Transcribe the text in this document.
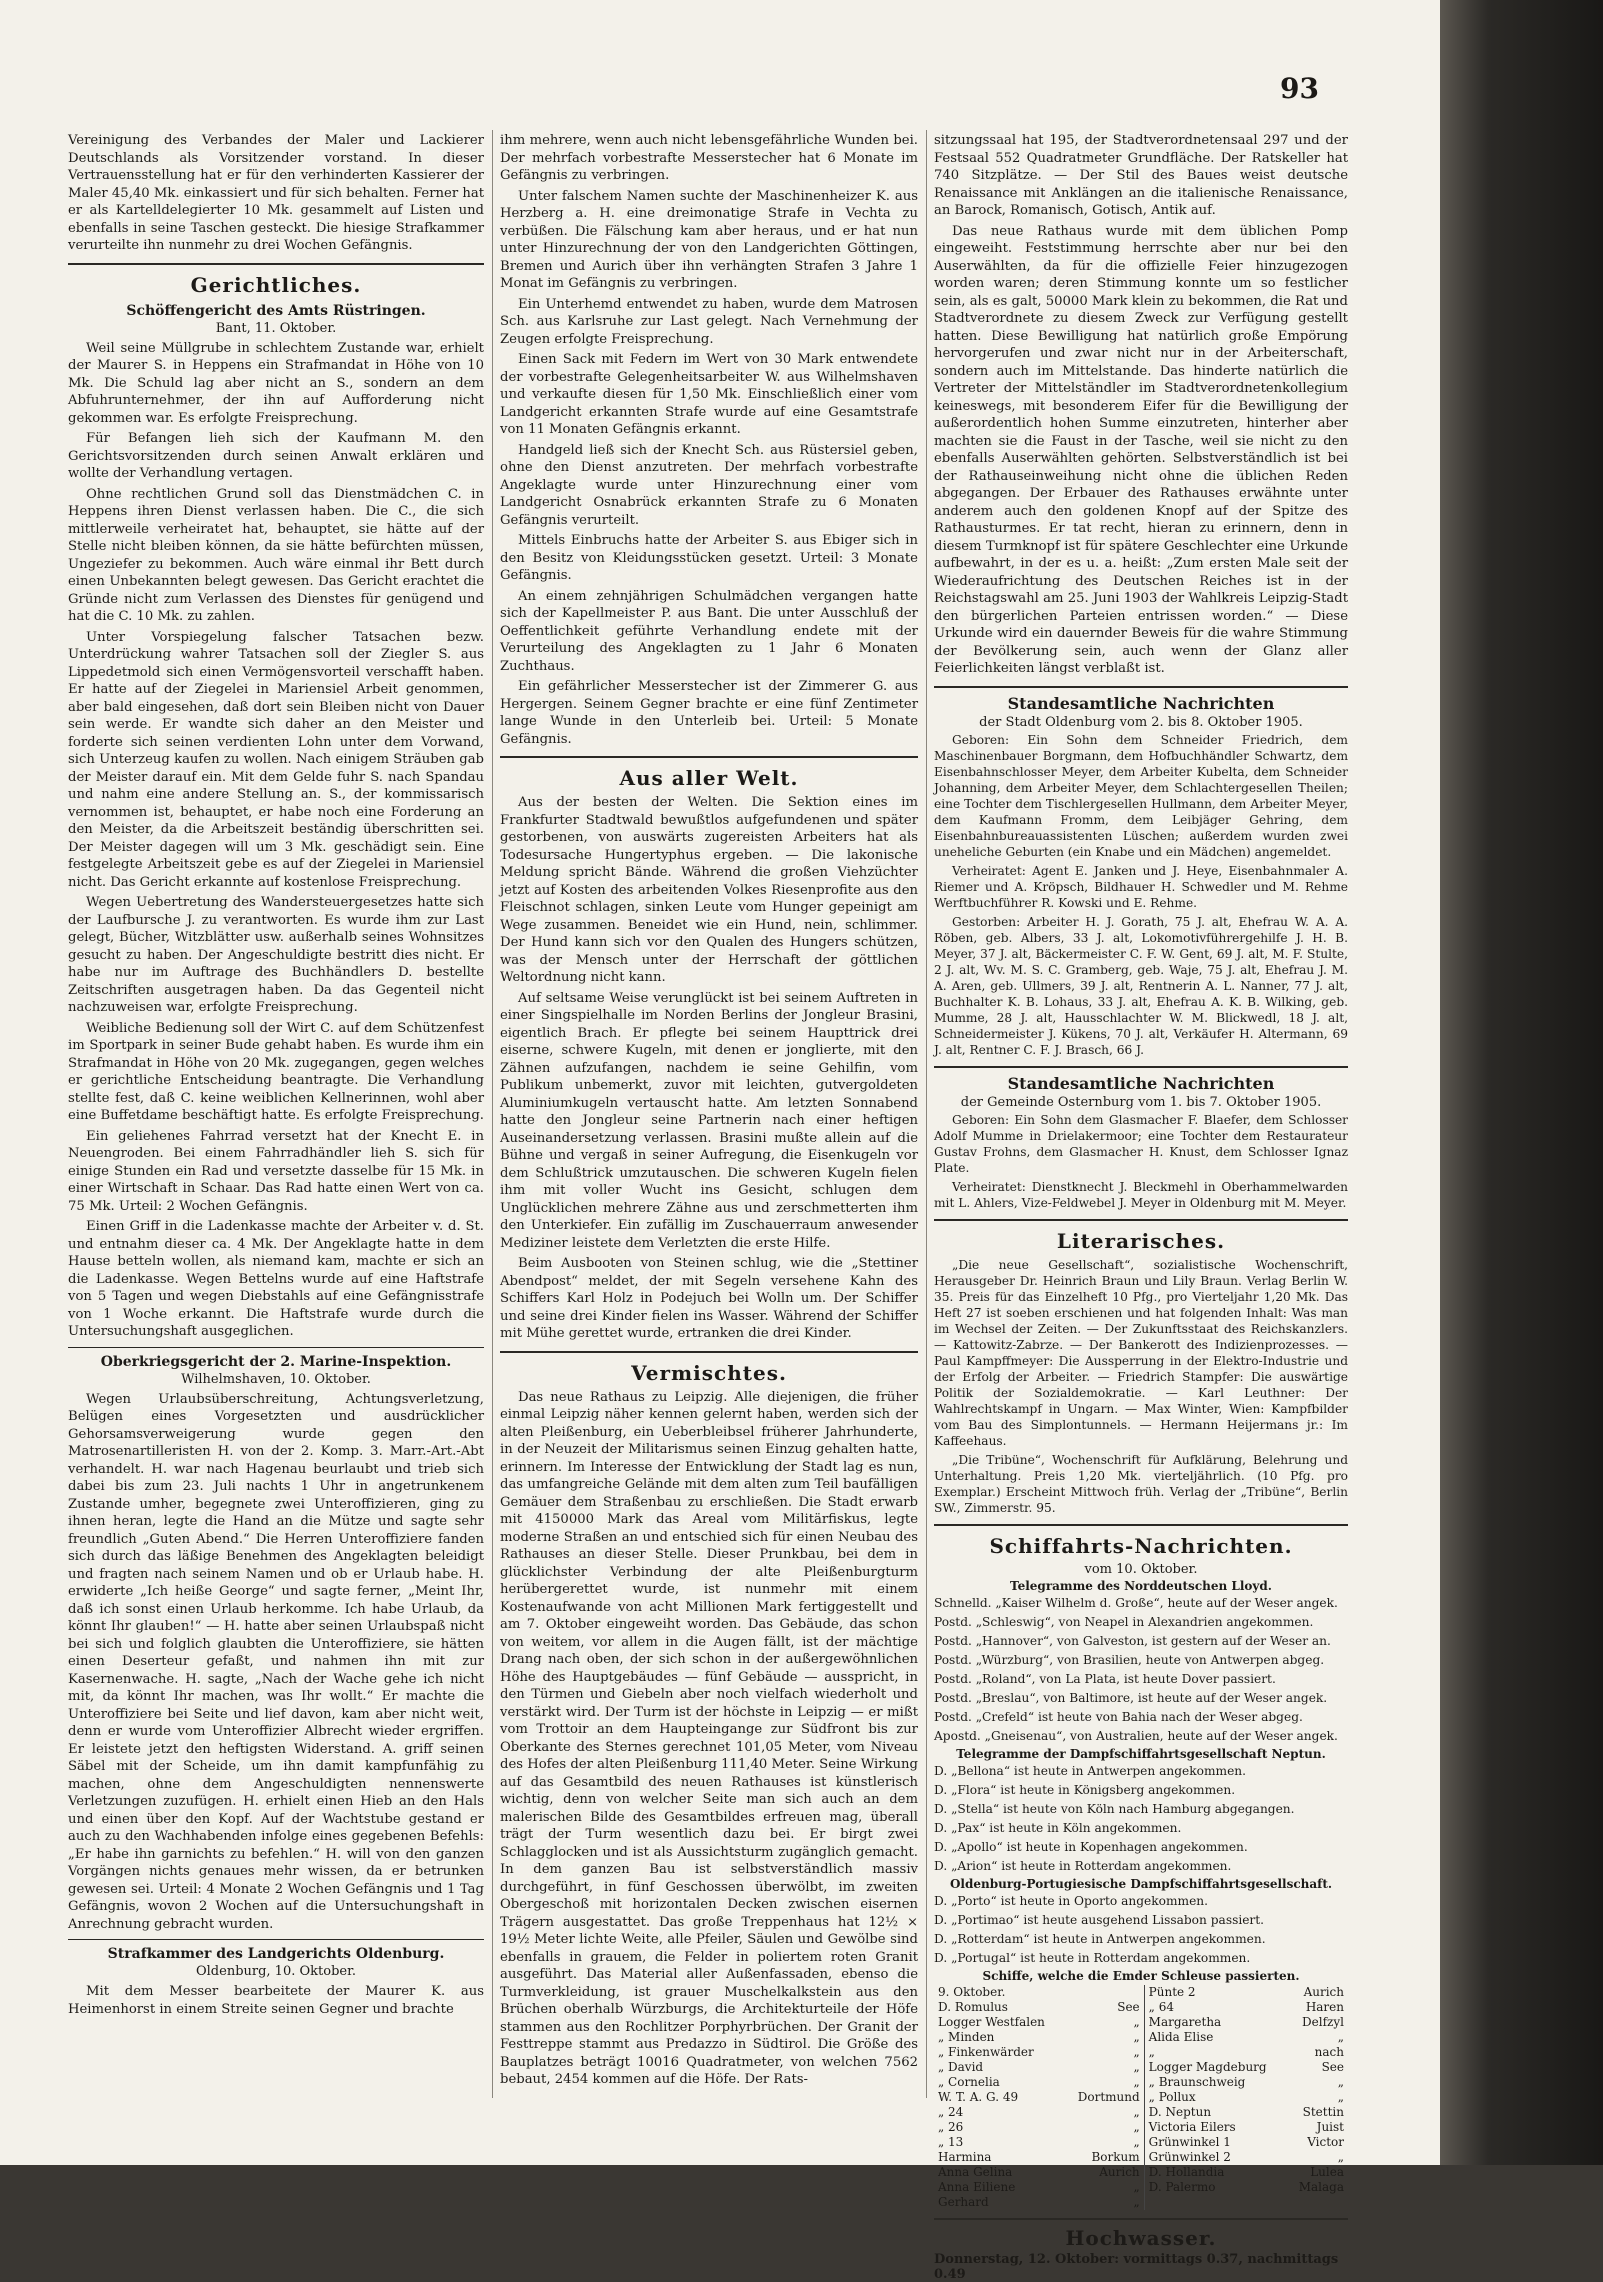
93

Vereinigung des Verbandes der Maler und Lackierer Deutschlands als Vorsitzender vorstand. In dieser Vertrauensstellung hat er für den verhinderten Kassierer der Maler 45,40 Mk. einkassiert und für sich behalten. Ferner hat er als Kartelldelegierter 10 Mk. gesammelt auf Listen und ebenfalls in seine Taschen gesteckt. Die hiesige Strafkammer verurteilte ihn nunmehr zu drei Wochen Gefängnis.

Gerichtliches.
Schöffengericht des Amts Rüstringen.
Bant, 11. Oktober.

Weil seine Müllgrube in schlechtem Zustande war, erhielt der Maurer S. in Heppens ein Strafmandat in Höhe von 10 Mk. Die Schuld lag aber nicht an S., sondern an dem Abfuhrunternehmer, der ihn auf Aufforderung nicht gekommen war. Es erfolgte Freisprechung.

Für Befangen lieh sich der Kaufmann M. den Gerichtsvorsitzenden durch seinen Anwalt erklären und wollte der Verhandlung vertagen.

Ohne rechtlichen Grund soll das Dienstmädchen C. in Heppens ihren Dienst verlassen haben. Die C., die sich mittlerweile verheiratet hat, behauptet, sie hätte auf der Stelle nicht bleiben können, da sie hätte befürchten müssen, Ungeziefer zu bekommen. Auch wäre einmal ihr Bett durch einen Unbekannten belegt gewesen. Das Gericht erachtet die Gründe nicht zum Verlassen des Dienstes für genügend und hat die C. 10 Mk. zu zahlen.

Unter Vorspiegelung falscher Tatsachen bezw. Unterdrückung wahrer Tatsachen soll der Ziegler S. aus Lippedetmold sich einen Vermögensvorteil verschafft haben. Er hatte auf der Ziegelei in Mariensiel Arbeit genommen, aber bald eingesehen, daß dort sein Bleiben nicht von Dauer sein werde. Er wandte sich daher an den Meister und forderte sich seinen verdienten Lohn unter dem Vorwand, sich Unterzeug kaufen zu wollen. Nach einigem Sträuben gab der Meister darauf ein. Mit dem Gelde fuhr S. nach Spandau und nahm eine andere Stellung an. S., der kommissarisch vernommen ist, behauptet, er habe noch eine Forderung an den Meister, da die Arbeitszeit beständig überschritten sei. Der Meister dagegen will um 3 Mk. geschädigt sein. Eine festgelegte Arbeitszeit gebe es auf der Ziegelei in Mariensiel nicht. Das Gericht erkannte auf kostenlose Freisprechung.

Wegen Uebertretung des Wandersteuergesetzes hatte sich der Laufbursche J. zu verantworten. Es wurde ihm zur Last gelegt, Bücher, Witzblätter usw. außerhalb seines Wohnsitzes gesucht zu haben. Der Angeschuldigte bestritt dies nicht. Er habe nur im Auftrage des Buchhändlers D. bestellte Zeitschriften ausgetragen haben. Da das Gegenteil nicht nachzuweisen war, erfolgte Freisprechung.

Weibliche Bedienung soll der Wirt C. auf dem Schützenfest im Sportpark in seiner Bude gehabt haben. Es wurde ihm ein Strafmandat in Höhe von 20 Mk. zugegangen, gegen welches er gerichtliche Entscheidung beantragte. Die Verhandlung stellte fest, daß C. keine weiblichen Kellnerinnen, wohl aber eine Buffetdame beschäftigt hatte. Es erfolgte Freisprechung.

Ein geliehenes Fahrrad versetzt hat der Knecht E. in Neuengroden. Bei einem Fahrradhändler lieh S. sich für einige Stunden ein Rad und versetzte dasselbe für 15 Mk. in einer Wirtschaft in Schaar. Das Rad hatte einen Wert von ca. 75 Mk. Urteil: 2 Wochen Gefängnis.

Einen Griff in die Ladenkasse machte der Arbeiter v. d. St. und entnahm dieser ca. 4 Mk. Der Angeklagte hatte in dem Hause betteln wollen, als niemand kam, machte er sich an die Ladenkasse. Wegen Bettelns wurde auf eine Haftstrafe von 5 Tagen und wegen Diebstahls auf eine Gefängnisstrafe von 1 Woche erkannt. Die Haftstrafe wurde durch die Untersuchungshaft ausgeglichen.

Oberkriegsgericht der 2. Marine-Inspektion.
Wilhelmshaven, 10. Oktober.

Wegen Urlaubsüberschreitung, Achtungsverletzung, Belügen eines Vorgesetzten und ausdrücklicher Gehorsamsverweigerung wurde gegen den Matrosenartilleristen H. von der 2. Komp. 3. Marr.-Art.-Abt verhandelt. H. war nach Hagenau beurlaubt und trieb sich dabei bis zum 23. Juli nachts 1 Uhr in angetrunkenem Zustande umher, begegnete zwei Unteroffizieren, ging zu ihnen heran, legte die Hand an die Mütze und sagte sehr freundlich „Guten Abend.“ Die Herren Unteroffiziere fanden sich durch das läßige Benehmen des Angeklagten beleidigt und fragten nach seinem Namen und ob er Urlaub habe. H. erwiderte „Ich heiße George“ und sagte ferner, „Meint Ihr, daß ich sonst einen Urlaub herkomme. Ich habe Urlaub, da könnt Ihr glauben!“ — H. hatte aber seinen Urlaubspaß nicht bei sich und folglich glaubten die Unteroffiziere, sie hätten einen Deserteur gefaßt, und nahmen ihn mit zur Kasernenwache. H. sagte, „Nach der Wache gehe ich nicht mit, da könnt Ihr machen, was Ihr wollt.“ Er machte die Unteroffiziere bei Seite und lief davon, kam aber nicht weit, denn er wurde vom Unteroffizier Albrecht wieder ergriffen. Er leistete jetzt den heftigsten Widerstand. A. griff seinen Säbel mit der Scheide, um ihn damit kampfunfähig zu machen, ohne dem Angeschuldigten nennenswerte Verletzungen zuzufügen. H. erhielt einen Hieb an den Hals und einen über den Kopf. Auf der Wachtstube gestand er auch zu den Wachhabenden infolge eines gegebenen Befehls: „Er habe ihn garnichts zu befehlen.“ H. will von den ganzen Vorgängen nichts genaues mehr wissen, da er betrunken gewesen sei. Urteil: 4 Monate 2 Wochen Gefängnis und 1 Tag Gefängnis, wovon 2 Wochen auf die Untersuchungshaft in Anrechnung gebracht wurden.

Strafkammer des Landgerichts Oldenburg.
Oldenburg, 10. Oktober.

Mit dem Messer bearbeitete der Maurer K. aus Heimenhorst in einem Streite seinen Gegner und brachte

ihm mehrere, wenn auch nicht lebensgefährliche Wunden bei. Der mehrfach vorbestrafte Messerstecher hat 6 Monate im Gefängnis zu verbringen.

Unter falschem Namen suchte der Maschinenheizer K. aus Herzberg a. H. eine dreimonatige Strafe in Vechta zu verbüßen. Die Fälschung kam aber heraus, und er hat nun unter Hinzurechnung der von den Landgerichten Göttingen, Bremen und Aurich über ihn verhängten Strafen 3 Jahre 1 Monat im Gefängnis zu verbringen.

Ein Unterhemd entwendet zu haben, wurde dem Matrosen Sch. aus Karlsruhe zur Last gelegt. Nach Vernehmung der Zeugen erfolgte Freisprechung.

Einen Sack mit Federn im Wert von 30 Mark entwendete der vorbestrafte Gelegenheitsarbeiter W. aus Wilhelmshaven und verkaufte diesen für 1,50 Mk. Einschließlich einer vom Landgericht erkannten Strafe wurde auf eine Gesamtstrafe von 11 Monaten Gefängnis erkannt.

Handgeld ließ sich der Knecht Sch. aus Rüstersiel geben, ohne den Dienst anzutreten. Der mehrfach vorbestrafte Angeklagte wurde unter Hinzurechnung einer vom Landgericht Osnabrück erkannten Strafe zu 6 Monaten Gefängnis verurteilt.

Mittels Einbruchs hatte der Arbeiter S. aus Ebiger sich in den Besitz von Kleidungsstücken gesetzt. Urteil: 3 Monate Gefängnis.

An einem zehnjährigen Schulmädchen vergangen hatte sich der Kapellmeister P. aus Bant. Die unter Ausschluß der Oeffentlichkeit geführte Verhandlung endete mit der Verurteilung des Angeklagten zu 1 Jahr 6 Monaten Zuchthaus.

Ein gefährlicher Messerstecher ist der Zimmerer G. aus Hergergen. Seinem Gegner brachte er eine fünf Zentimeter lange Wunde in den Unterleib bei. Urteil: 5 Monate Gefängnis.

Aus aller Welt.

Aus der besten der Welten. Die Sektion eines im Frankfurter Stadtwald bewußtlos aufgefundenen und später gestorbenen, von auswärts zugereisten Arbeiters hat als Todesursache Hungertyphus ergeben. — Die lakonische Meldung spricht Bände. Während die großen Viehzüchter jetzt auf Kosten des arbeitenden Volkes Riesenprofite aus den Fleischnot schlagen, sinken Leute vom Hunger gepeinigt am Wege zusammen. Beneidet wie ein Hund, nein, schlimmer. Der Hund kann sich vor den Qualen des Hungers schützen, was der Mensch unter der Herrschaft der göttlichen Weltordnung nicht kann.

Auf seltsame Weise verunglückt ist bei seinem Auftreten in einer Singspielhalle im Norden Berlins der Jongleur Brasini, eigentlich Brach. Er pflegte bei seinem Haupttrick drei eiserne, schwere Kugeln, mit denen er jonglierte, mit den Zähnen aufzufangen, nachdem ie seine Gehilfin, vom Publikum unbemerkt, zuvor mit leichten, gutvergoldeten Aluminiumkugeln vertauscht hatte. Am letzten Sonnabend hatte den Jongleur seine Partnerin nach einer heftigen Auseinandersetzung verlassen. Brasini mußte allein auf die Bühne und vergaß in seiner Aufregung, die Eisenkugeln vor dem Schlußtrick umzutauschen. Die schweren Kugeln fielen ihm mit voller Wucht ins Gesicht, schlugen dem Unglücklichen mehrere Zähne aus und zerschmetterten ihm den Unterkiefer. Ein zufällig im Zuschauerraum anwesender Mediziner leistete dem Verletzten die erste Hilfe.

Beim Ausbooten von Steinen schlug, wie die „Stettiner Abendpost“ meldet, der mit Segeln versehene Kahn des Schiffers Karl Holz in Podejuch bei Wolln um. Der Schiffer und seine drei Kinder fielen ins Wasser. Während der Schiffer mit Mühe gerettet wurde, ertranken die drei Kinder.

Vermischtes.

Das neue Rathaus zu Leipzig. Alle diejenigen, die früher einmal Leipzig näher kennen gelernt haben, werden sich der alten Pleißenburg, ein Ueberbleibsel früherer Jahrhunderte, in der Neuzeit der Militarismus seinen Einzug gehalten hatte, erinnern. Im Interesse der Entwicklung der Stadt lag es nun, das umfangreiche Gelände mit dem alten zum Teil baufälligen Gemäuer dem Straßenbau zu erschließen. Die Stadt erwarb mit 4150000 Mark das Areal vom Militärfiskus, legte moderne Straßen an und entschied sich für einen Neubau des Rathauses an dieser Stelle. Dieser Prunkbau, bei dem in glücklichster Verbindung der alte Pleißenburgturm herübergerettet wurde, ist nunmehr mit einem Kostenaufwande von acht Millionen Mark fertiggestellt und am 7. Oktober eingeweiht worden. Das Gebäude, das schon von weitem, vor allem in die Augen fällt, ist der mächtige Drang nach oben, der sich schon in der außergewöhnlichen Höhe des Hauptgebäudes — fünf Gebäude — ausspricht, in den Türmen und Giebeln aber noch vielfach wiederholt und verstärkt wird. Der Turm ist der höchste in Leipzig — er mißt vom Trottoir an dem Haupteingange zur Südfront bis zur Oberkante des Sternes gerechnet 101,05 Meter, vom Niveau des Hofes der alten Pleißenburg 111,40 Meter. Seine Wirkung auf das Gesamtbild des neuen Rathauses ist künstlerisch wichtig, denn von welcher Seite man sich auch an dem malerischen Bilde des Gesamtbildes erfreuen mag, überall trägt der Turm wesentlich dazu bei. Er birgt zwei Schlagglocken und ist als Aussichtsturm zugänglich gemacht. In dem ganzen Bau ist selbstverständlich massiv durchgeführt, in fünf Geschossen überwölbt, im zweiten Obergeschoß mit horizontalen Decken zwischen eisernen Trägern ausgestattet. Das große Treppenhaus hat 12½ × 19½ Meter lichte Weite, alle Pfeiler, Säulen und Gewölbe sind ebenfalls in grauem, die Felder in poliertem roten Granit ausgeführt. Das Material aller Außenfassaden, ebenso die Turmverkleidung, ist grauer Muschelkalkstein aus den Brüchen oberhalb Würzburgs, die Architekturteile der Höfe stammen aus den Rochlitzer Porphyrbrüchen. Der Granit der Festtreppe stammt aus Predazzo in Südtirol. Die Größe des Bauplatzes beträgt 10016 Quadratmeter, von welchen 7562 bebaut, 2454 kommen auf die Höfe. Der Rats-

sitzungssaal hat 195, der Stadtverordnetensaal 297 und der Festsaal 552 Quadratmeter Grundfläche. Der Ratskeller hat 740 Sitzplätze. — Der Stil des Baues weist deutsche Renaissance mit Anklängen an die italienische Renaissance, an Barock, Romanisch, Gotisch, Antik auf.

Das neue Rathaus wurde mit dem üblichen Pomp eingeweiht. Feststimmung herrschte aber nur bei den Auserwählten, da für die offizielle Feier hinzugezogen worden waren; deren Stimmung konnte um so festlicher sein, als es galt, 50000 Mark klein zu bekommen, die Rat und Stadtverordnete zu diesem Zweck zur Verfügung gestellt hatten. Diese Bewilligung hat natürlich große Empörung hervorgerufen und zwar nicht nur in der Arbeiterschaft, sondern auch im Mittelstande. Das hinderte natürlich die Vertreter der Mittelständler im Stadtverordnetenkollegium keineswegs, mit besonderem Eifer für die Bewilligung der außerordentlich hohen Summe einzutreten, hinterher aber machten sie die Faust in der Tasche, weil sie nicht zu den ebenfalls Auserwählten gehörten. Selbstverständlich ist bei der Rathauseinweihung nicht ohne die üblichen Reden abgegangen. Der Erbauer des Rathauses erwähnte unter anderem auch den goldenen Knopf auf der Spitze des Rathausturmes. Er tat recht, hieran zu erinnern, denn in diesem Turmknopf ist für spätere Geschlechter eine Urkunde aufbewahrt, in der es u. a. heißt: „Zum ersten Male seit der Wiederaufrichtung des Deutschen Reiches ist in der Reichstagswahl am 25. Juni 1903 der Wahlkreis Leipzig-Stadt den bürgerlichen Parteien entrissen worden.“ — Diese Urkunde wird ein dauernder Beweis für die wahre Stimmung der Bevölkerung sein, auch wenn der Glanz aller Feierlichkeiten längst verblaßt ist.

Standesamtliche Nachrichten
der Stadt Oldenburg vom 2. bis 8. Oktober 1905.

Geboren: Ein Sohn dem Schneider Friedrich, dem Maschinenbauer Borgmann, dem Hofbuchhändler Schwartz, dem Eisenbahnschlosser Meyer, dem Arbeiter Kubelta, dem Schneider Johanning, dem Arbeiter Meyer, dem Schlachtergesellen Theilen; eine Tochter dem Tischlergesellen Hullmann, dem Arbeiter Meyer, dem Kaufmann Fromm, dem Leibjäger Gehring, dem Eisenbahnbureauassistenten Lüschen; außerdem wurden zwei uneheliche Geburten (ein Knabe und ein Mädchen) angemeldet.

Verheiratet: Agent E. Janken und J. Heye, Eisenbahnmaler A. Riemer und A. Kröpsch, Bildhauer H. Schwedler und M. Rehme Werftbuchführer R. Kowski und E. Rehme.

Gestorben: Arbeiter H. J. Gorath, 75 J. alt, Ehefrau W. A. A. Röben, geb. Albers, 33 J. alt, Lokomotivführergehilfe J. H. B. Meyer, 37 J. alt, Bäckermeister C. F. W. Gent, 69 J. alt, M. F. Stulte, 2 J. alt, Wv. M. S. C. Gramberg, geb. Waje, 75 J. alt, Ehefrau J. M. A. Aren, geb. Ullmers, 39 J. alt, Rentnerin A. L. Nanner, 77 J. alt, Buchhalter K. B. Lohaus, 33 J. alt, Ehefrau A. K. B. Wilking, geb. Mumme, 28 J. alt, Hausschlachter W. M. Blickwedl, 18 J. alt, Schneidermeister J. Kükens, 70 J. alt, Verkäufer H. Altermann, 69 J. alt, Rentner C. F. J. Brasch, 66 J.

Standesamtliche Nachrichten
der Gemeinde Osternburg vom 1. bis 7. Oktober 1905.

Geboren: Ein Sohn dem Glasmacher F. Blaefer, dem Schlosser Adolf Mumme in Drielakermoor; eine Tochter dem Restaurateur Gustav Frohns, dem Glasmacher H. Knust, dem Schlosser Ignaz Plate.

Verheiratet: Dienstknecht J. Bleckmehl in Oberhammelwarden mit L. Ahlers, Vize-Feldwebel J. Meyer in Oldenburg mit M. Meyer.

Literarisches.

„Die neue Gesellschaft“, sozialistische Wochenschrift, Herausgeber Dr. Heinrich Braun und Lily Braun. Verlag Berlin W. 35. Preis für das Einzelheft 10 Pfg., pro Vierteljahr 1,20 Mk. Das Heft 27 ist soeben erschienen und hat folgenden Inhalt: Was man im Wechsel der Zeiten. — Der Zukunftsstaat des Reichskanzlers. — Kattowitz-Zabrze. — Der Bankerott des Indizienprozesses. — Paul Kampffmeyer: Die Aussperrung in der Elektro-Industrie und der Erfolg der Arbeiter. — Friedrich Stampfer: Die auswärtige Politik der Sozialdemokratie. — Karl Leuthner: Der Wahlrechtskampf in Ungarn. — Max Winter, Wien: Kampfbilder vom Bau des Simplontunnels. — Hermann Heijermans jr.: Im Kaffeehaus.

„Die Tribüne“, Wochenschrift für Aufklärung, Belehrung und Unterhaltung. Preis 1,20 Mk. vierteljährlich. (10 Pfg. pro Exemplar.) Erscheint Mittwoch früh. Verlag der „Tribüne“, Berlin SW., Zimmerstr. 95.

Schiffahrts-Nachrichten.
vom 10. Oktober.
Telegramme des Norddeutschen Lloyd.

Schnelld. „Kaiser Wilhelm d. Große“, heute auf der Weser angek.

Postd. „Schleswig“, von Neapel in Alexandrien angekommen.

Postd. „Hannover“, von Galveston, ist gestern auf der Weser an.

Postd. „Würzburg“, von Brasilien, heute von Antwerpen abgeg.

Postd. „Roland“, von La Plata, ist heute Dover passiert.

Postd. „Breslau“, von Baltimore, ist heute auf der Weser angek.

Postd. „Crefeld“ ist heute von Bahia nach der Weser abgeg.

Apostd. „Gneisenau“, von Australien, heute auf der Weser angek.

Telegramme der Dampfschiffahrtsgesellschaft Neptun.

D. „Bellona“ ist heute in Antwerpen angekommen.

D. „Flora“ ist heute in Königsberg angekommen.

D. „Stella“ ist heute von Köln nach Hamburg abgegangen.

D. „Pax“ ist heute in Köln angekommen.

D. „Apollo“ ist heute in Kopenhagen angekommen.

D. „Arion“ ist heute in Rotterdam angekommen.

Oldenburg-Portugiesische Dampfschiffahrtsgesellschaft.

D. „Porto“ ist heute in Oporto angekommen.

D. „Portimao“ ist heute ausgehend Lissabon passiert.

D. „Rotterdam“ ist heute in Antwerpen angekommen.

D. „Portugal“ ist heute in Rotterdam angekommen.

Schiffe, welche die Emder Schleuse passierten.
9. Oktober.		Pünte 2	Aurich
D. Romulus	See	„ 64	Haren
Logger Westfalen	„	Margaretha	Delfzyl
„ Minden	„	Alida Elise	„
„ Finkenwärder	„	„	nach
„ David	„	Logger Magdeburg	See
„ Cornelia	„	„ Braunschweig	„
W. T. A. G. 49	Dortmund	„ Pollux	„
„ 24	„	D. Neptun	Stettin
„ 26	„	Victoria Eilers	Juist
„ 13	„	Grünwinkel 1	Victor
Harmina	Borkum	Grünwinkel 2	„
Anna Gelina	Aurich	D. Hollandia	Lulea
Anna Eiliene	„	D. Palermo	Malaga
Gerhard	„		
Hochwasser.
Donnerstag, 12. Oktober: vormittags 0.37, nachmittags 0.49
